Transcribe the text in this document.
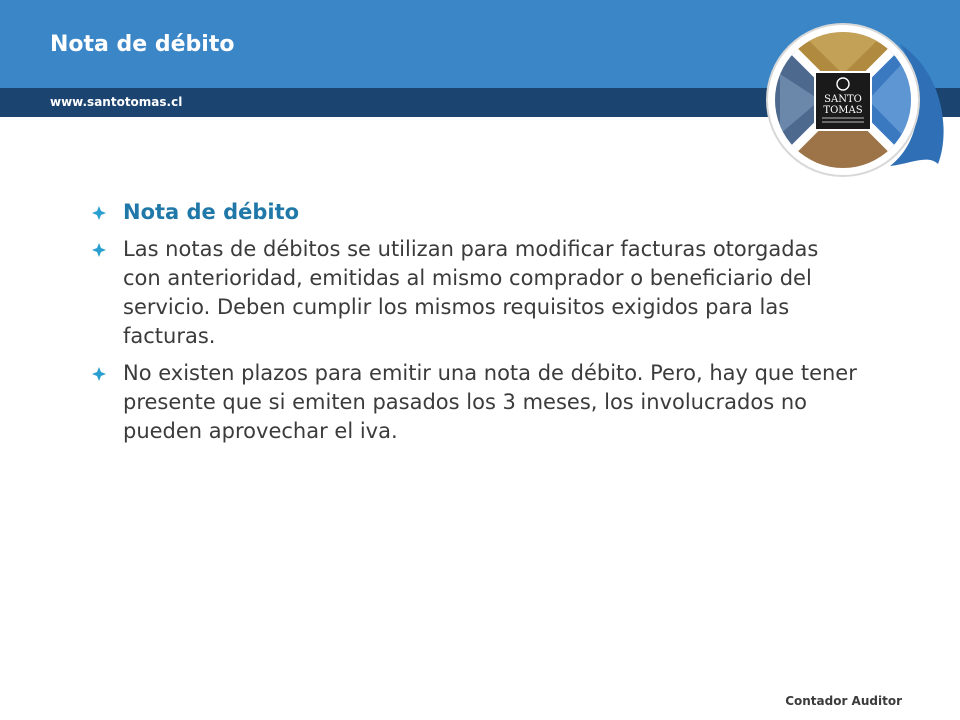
Nota de débito
www.santotomas.cl	SANTO
TOMAS
Nota de débito
Las notas de débitos se utilizan para modificar facturas otorgadas con anterioridad, emitidas al mismo comprador o beneficiario del servicio. Deben cumplir los mismos requisitos exigidos para las facturas.
No existen plazos para emitir una nota de débito. Pero, hay que tener presente que si emiten pasados los 3 meses, los involucrados no pueden aprovechar el iva.
Contador Auditor
